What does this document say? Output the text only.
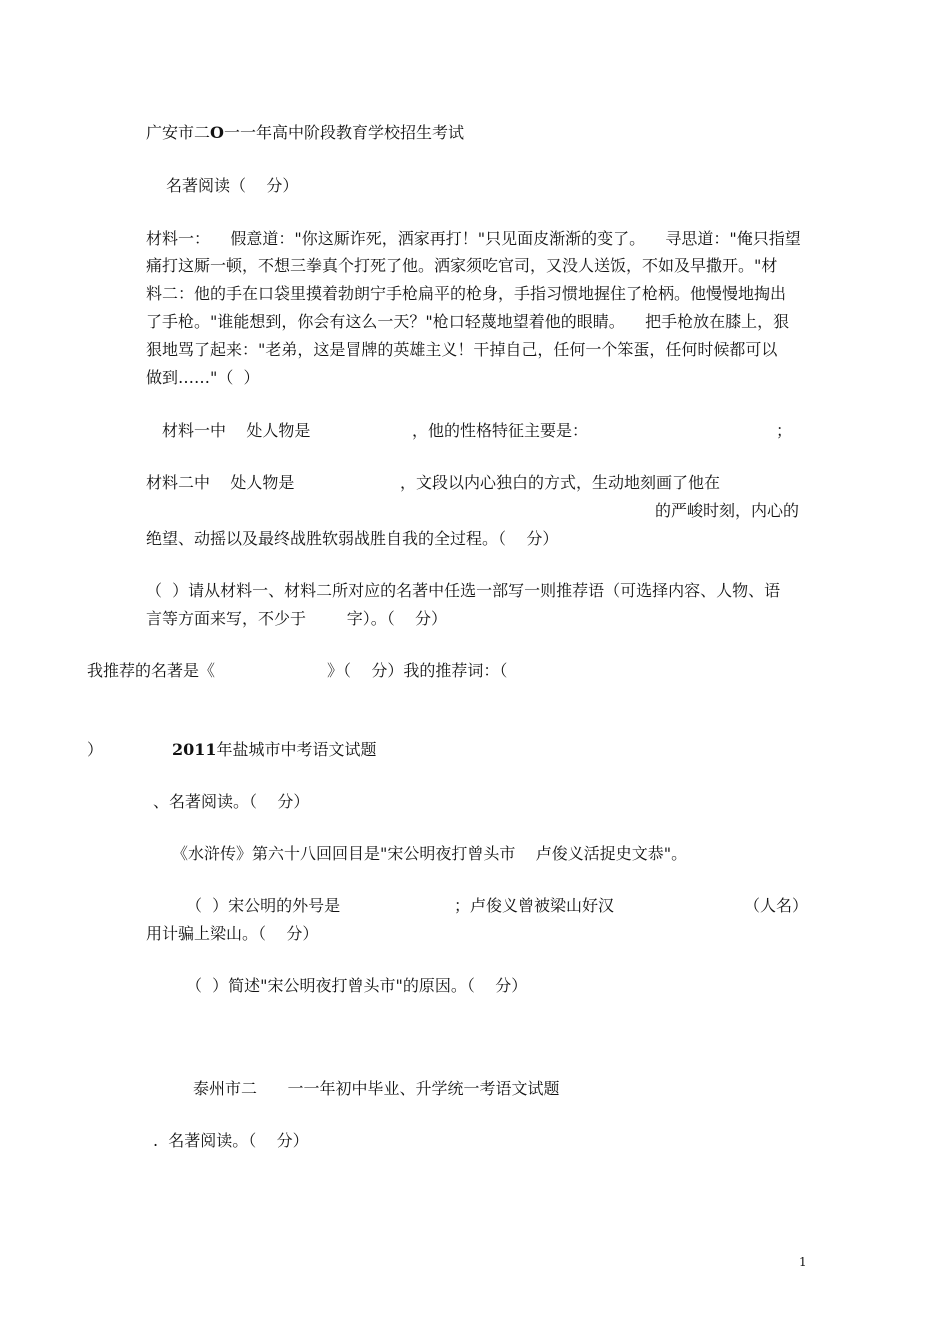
广安市二O一一年高中阶段教育学校招生考试
名著阅读（    分）
材料一：    假意道："你这厮诈死，洒家再打！"只见面皮渐渐的变了。    寻思道："俺只指望
痛打这厮一顿，不想三拳真个打死了他。洒家须吃官司，又没人送饭，不如及早撒开。"材
料二：他的手在口袋里摸着勃朗宁手枪扁平的枪身，手指习惯地握住了枪柄。他慢慢地掏出
了手枪。"谁能想到，你会有这么一天？"枪口轻蔑地望着他的眼睛。    把手枪放在膝上，狠
狠地骂了起来："老弟，这是冒牌的英雄主义！干掉自己，任何一个笨蛋，任何时候都可以
做到……"（  ）
材料一中    处人物是	，他的性格特征主要是：	；
材料二中    处人物是	，文段以内心独白的方式，生动地刻画了他在
的严峻时刻，内心的
绝望、动摇以及最终战胜软弱战胜自我的全过程。（    分）
（  ）请从材料一、材料二所对应的名著中任选一部写一则推荐语（可选择内容、人物、语
言等方面来写，不少于        字）。（    分）
我推荐的名著是《	》（    分）我的推荐词：（
）	2011年盐城市中考语文试题
、名著阅读。（    分）
《水浒传》第六十八回回目是"宋公明夜打曾头市    卢俊义活捉史文恭"。
（  ）宋公明的外号是	；卢俊义曾被梁山好汉	（人名）
用计骗上梁山。（    分）
（  ）简述"宋公明夜打曾头市"的原因。（    分）
泰州市二      一一年初中毕业、升学统一考语文试题
.  名著阅读。（    分）
1
